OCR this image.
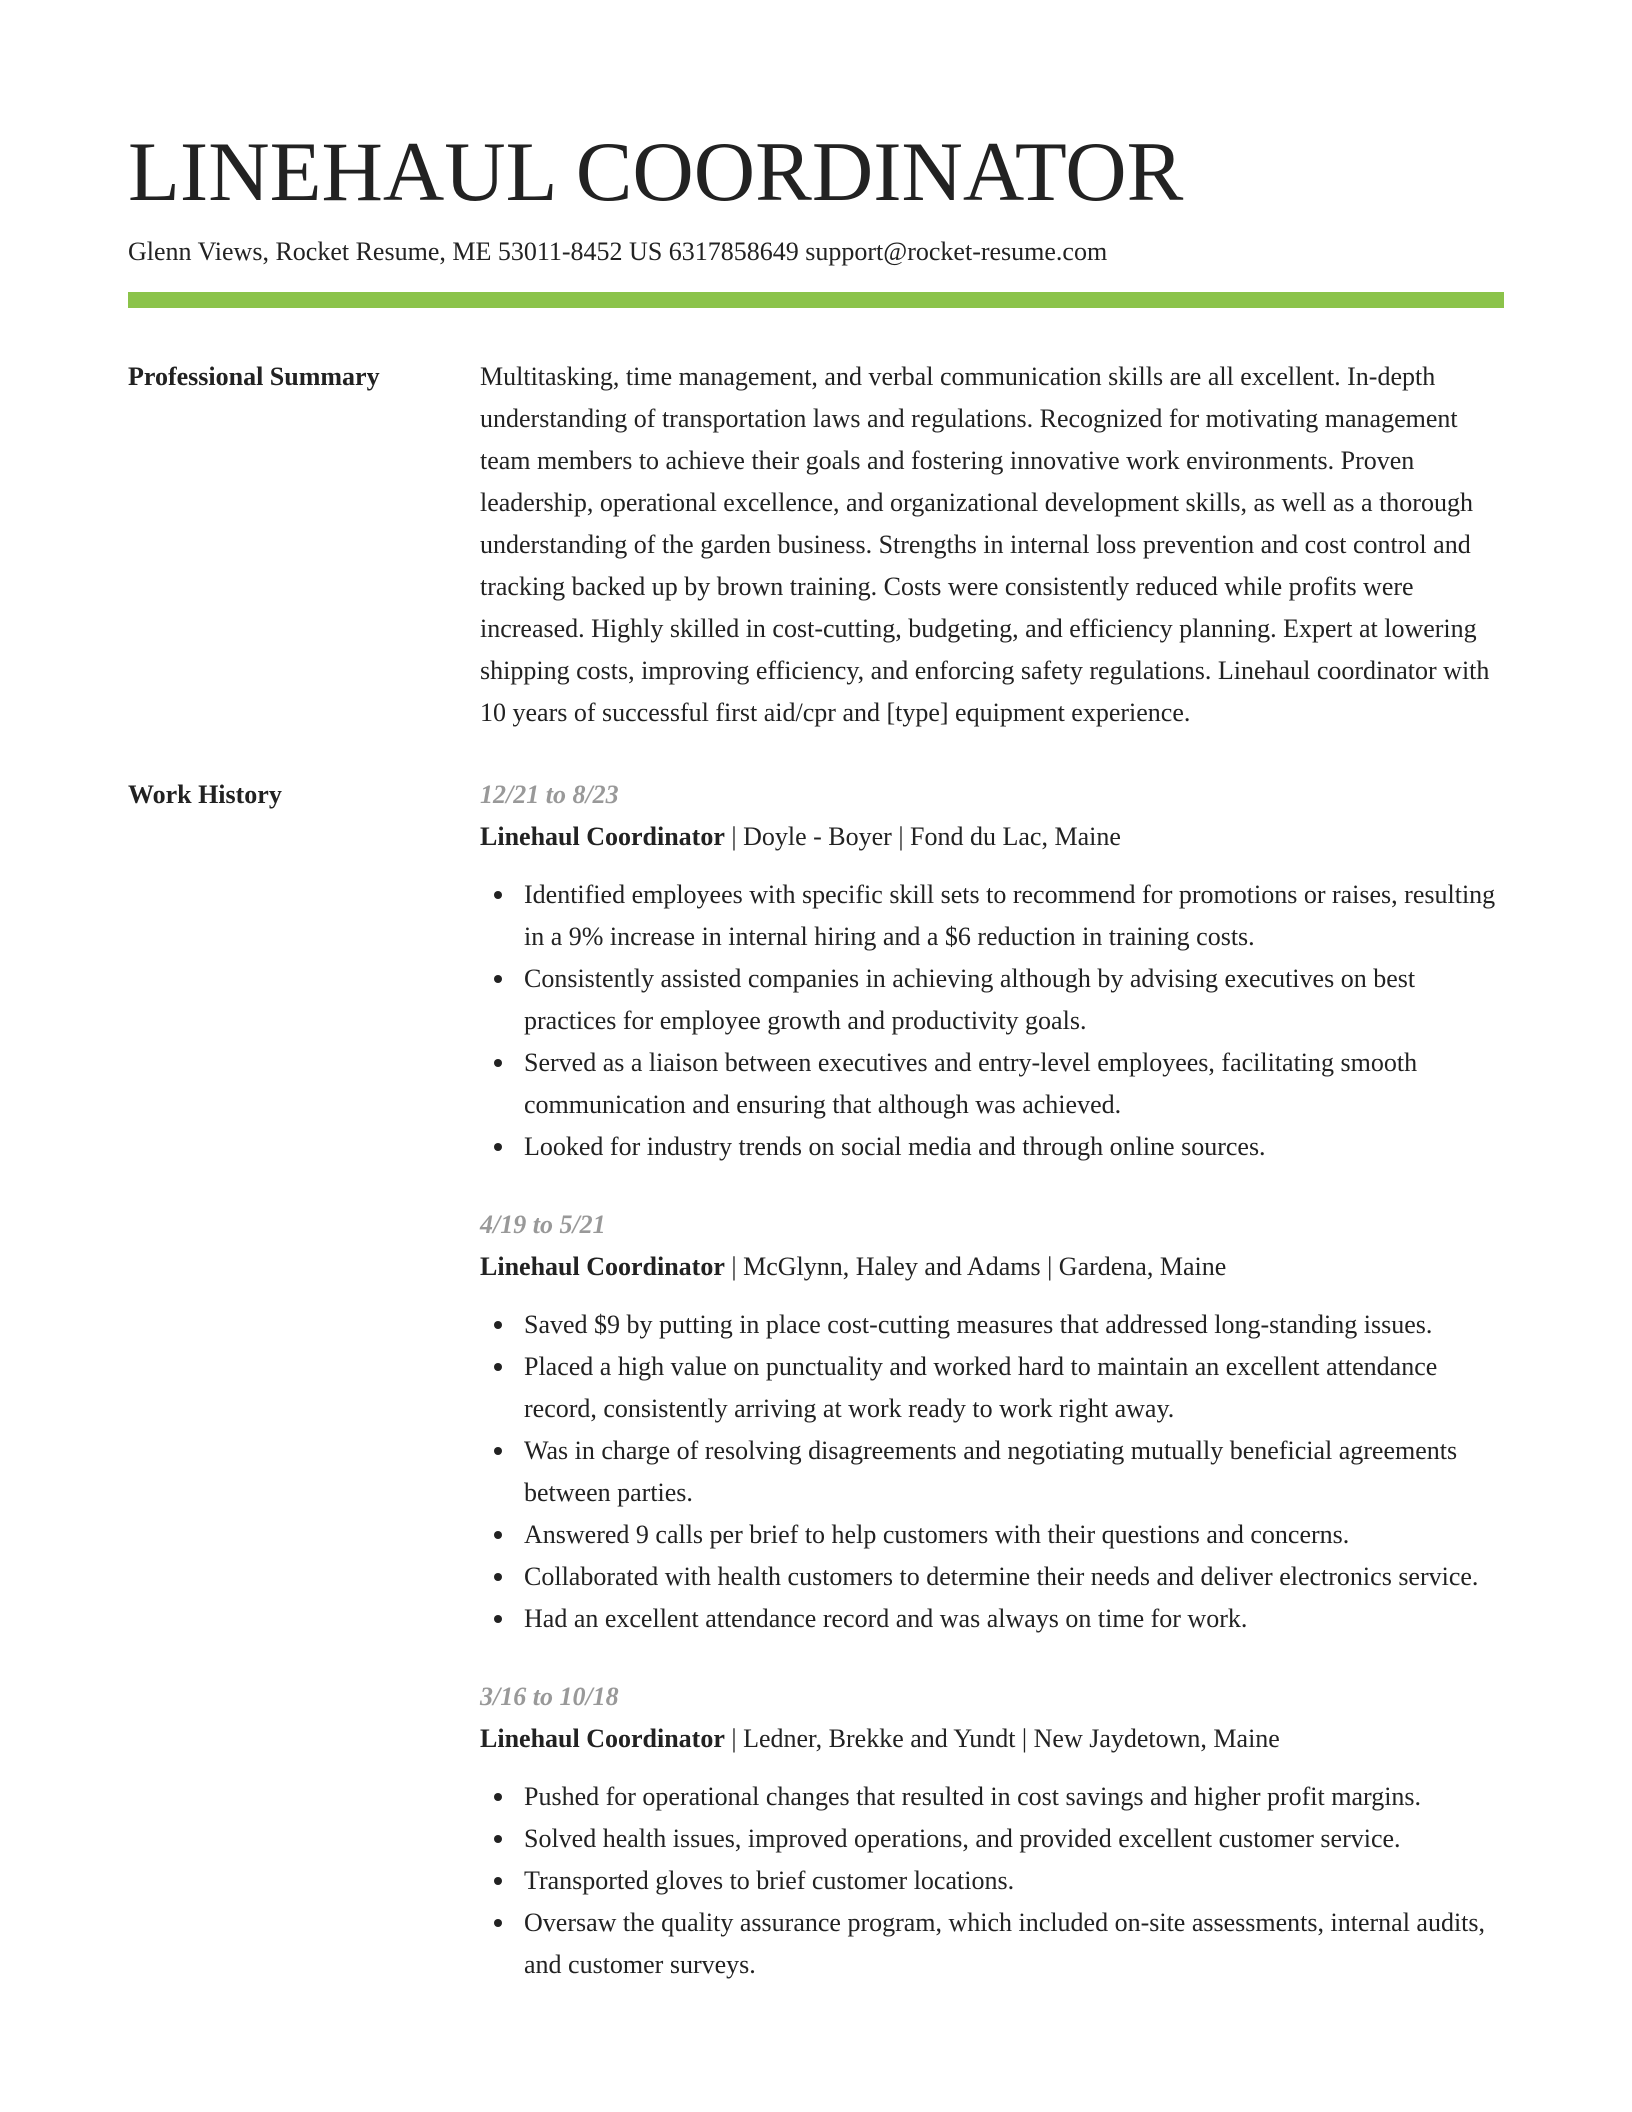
LINEHAUL COORDINATOR
Glenn Views, Rocket Resume, ME 53011-8452 US 6317858649 support@rocket-resume.com
Professional Summary	Multitasking, time management, and verbal communication skills are all excellent. In-depth understanding of transportation laws and regulations. Recognized for motivating management team members to achieve their goals and fostering innovative work environments. Proven leadership, operational excellence, and organizational development skills, as well as a thorough understanding of the garden business. Strengths in internal loss prevention and cost control and tracking backed up by brown training. Costs were consistently reduced while profits were increased. Highly skilled in cost-cutting, budgeting, and efficiency planning. Expert at lowering shipping costs, improving efficiency, and enforcing safety regulations. Linehaul coordinator with 10 years of successful first aid/cpr and [type] equipment experience.

Work History	12/21 to 8/23
Linehaul Coordinator | Doyle - Boyer | Fond du Lac, Maine
Identified employees with specific skill sets to recommend for promotions or raises, resulting in a 9% increase in internal hiring and a $6 reduction in training costs.
Consistently assisted companies in achieving although by advising executives on best practices for employee growth and productivity goals.
Served as a liaison between executives and entry-level employees, facilitating smooth communication and ensuring that although was achieved.
Looked for industry trends on social media and through online sources.
4/19 to 5/21
Linehaul Coordinator | McGlynn, Haley and Adams | Gardena, Maine
Saved $9 by putting in place cost-cutting measures that addressed long-standing issues.
Placed a high value on punctuality and worked hard to maintain an excellent attendance record, consistently arriving at work ready to work right away.
Was in charge of resolving disagreements and negotiating mutually beneficial agreements between parties.
Answered 9 calls per brief to help customers with their questions and concerns.
Collaborated with health customers to determine their needs and deliver electronics service.
Had an excellent attendance record and was always on time for work.
3/16 to 10/18
Linehaul Coordinator | Ledner, Brekke and Yundt | New Jaydetown, Maine
Pushed for operational changes that resulted in cost savings and higher profit margins.
Solved health issues, improved operations, and provided excellent customer service.
Transported gloves to brief customer locations.
Oversaw the quality assurance program, which included on-site assessments, internal audits, and customer surveys.
